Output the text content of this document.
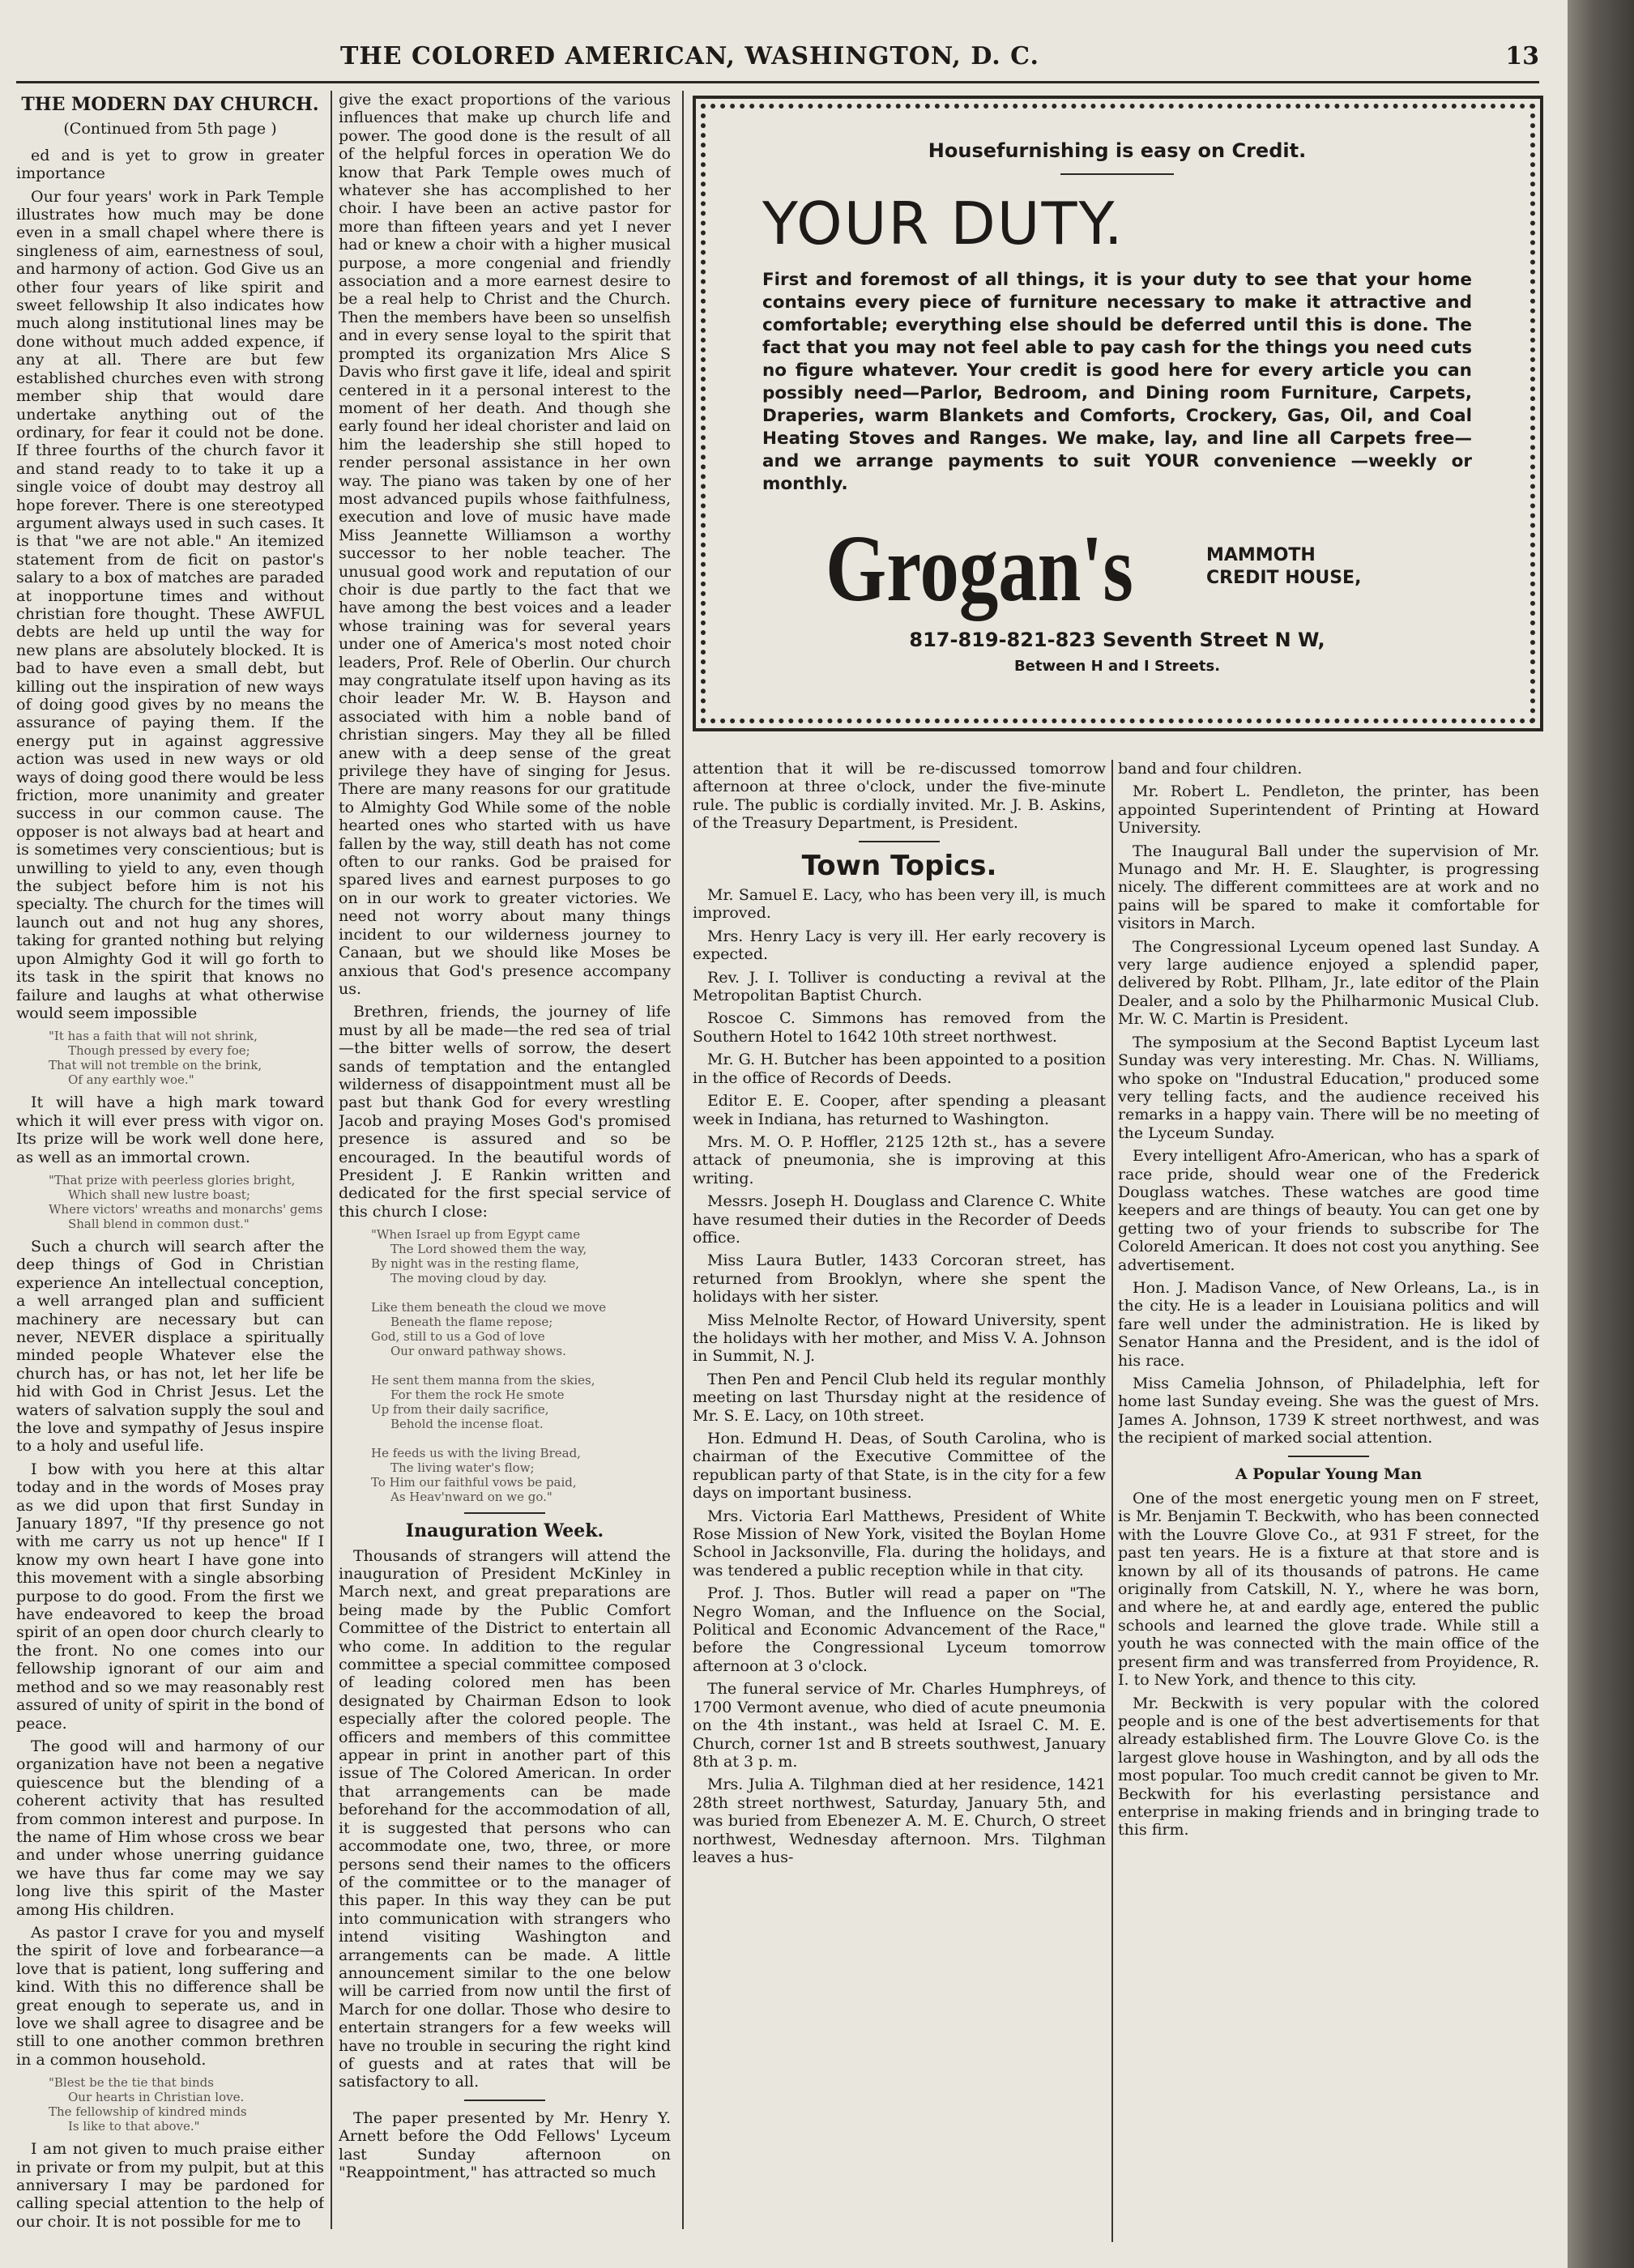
THE COLORED AMERICAN, WASHINGTON, D. C.	13
THE MODERN DAY CHURCH.
(Continued from 5th page )

ed and is yet to grow in greater importance

Our four years' work in Park Temple illustrates how much may be done even in a small chapel where there is singleness of aim, earnestness of soul, and harmony of action. God Give us an other four years of like spirit and sweet fellowship It also indicates how much along institutional lines may be done without much added expence, if any at all. There are but few established churches even with strong member ship that would dare undertake anything out of the ordinary, for fear it could not be done. If three fourths of the church favor it and stand ready to to take it up a single voice of doubt may destroy all hope forever. There is one stereotyped argument always used in such cases. It is that "we are not able." An itemized statement from de ficit on pastor's salary to a box of matches are paraded at inopportune times and without christian fore thought. These AWFUL debts are held up until the way for new plans are absolutely blocked. It is bad to have even a small debt, but killing out the inspiration of new ways of doing good gives by no means the assurance of paying them. If the energy put in against aggressive action was used in new ways or old ways of doing good there would be less friction, more unanimity and greater success in our common cause. The opposer is not always bad at heart and is sometimes very conscientious; but is unwilling to yield to any, even though the subject before him is not his specialty. The church for the times will launch out and not hug any shores, taking for granted nothing but relying upon Almighty God it will go forth to its task in the spirit that knows no failure and laughs at what otherwise would seem impossible

"It has a faith that will not shrink,
Though pressed by every foe;
That will not tremble on the brink,
Of any earthly woe."

It will have a high mark toward which it will ever press with vigor on. Its prize will be work well done here, as well as an immortal crown.

"That prize with peerless glories bright,
Which shall new lustre boast;
Where victors' wreaths and monarchs' gems
Shall blend in common dust."

Such a church will search after the deep things of God in Christian experience An intellectual conception, a well arranged plan and sufficient machinery are necessary but can never, NEVER displace a spiritually minded people Whatever else the church has, or has not, let her life be hid with God in Christ Jesus. Let the waters of salvation supply the soul and the love and sympathy of Jesus inspire to a holy and useful life.

I bow with you here at this altar today and in the words of Moses pray as we did upon that first Sunday in January 1897, "If thy presence go not with me carry us not up hence" If I know my own heart I have gone into this movement with a single absorbing purpose to do good. From the first we have endeavored to keep the broad spirit of an open door church clearly to the front. No one comes into our fellowship ignorant of our aim and method and so we may reasonably rest assured of unity of spirit in the bond of peace.

The good will and harmony of our organization have not been a negative quiescence but the blending of a coherent activity that has resulted from common interest and purpose. In the name of Him whose cross we bear and under whose unerring guidance we have thus far come may we say long live this spirit of the Master among His children.

As pastor I crave for you and myself the spirit of love and forbearance—a love that is patient, long suffering and kind. With this no difference shall be great enough to seperate us, and in love we shall agree to disagree and be still to one another common brethren in a common household.

"Blest be the tie that binds
Our hearts in Christian love.
The fellowship of kindred minds
Is like to that above."

I am not given to much praise either in private or from my pulpit, but at this anniversary I may be pardoned for calling special attention to the help of our choir. It is not possible for me to

give the exact proportions of the various influences that make up church life and power. The good done is the result of all of the helpful forces in operation We do know that Park Temple owes much of whatever she has accomplished to her choir. I have been an active pastor for more than fifteen years and yet I never had or knew a choir with a higher musical purpose, a more congenial and friendly association and a more earnest desire to be a real help to Christ and the Church. Then the members have been so unselfish and in every sense loyal to the spirit that prompted its organization Mrs Alice S Davis who first gave it life, ideal and spirit centered in it a personal interest to the moment of her death. And though she early found her ideal chorister and laid on him the leadership she still hoped to render personal assistance in her own way. The piano was taken by one of her most advanced pupils whose faithfulness, execution and love of music have made Miss Jeannette Williamson a worthy successor to her noble teacher. The unusual good work and reputation of our choir is due partly to the fact that we have among the best voices and a leader whose training was for several years under one of America's most noted choir leaders, Prof. Rele of Oberlin. Our church may congratulate itself upon having as its choir leader Mr. W. B. Hayson and associated with him a noble band of christian singers. May they all be filled anew with a deep sense of the great privilege they have of singing for Jesus. There are many reasons for our gratitude to Almighty God While some of the noble hearted ones who started with us have fallen by the way, still death has not come often to our ranks. God be praised for spared lives and earnest purposes to go on in our work to greater victories. We need not worry about many things incident to our wilderness journey to Canaan, but we should like Moses be anxious that God's presence accompany us.

Brethren, friends, the journey of life must by all be made—the red sea of trial—the bitter wells of sorrow, the desert sands of temptation and the entangled wilderness of disappointment must all be past but thank God for every wrestling Jacob and praying Moses God's promised presence is assured and so be encouraged. In the beautiful words of President J. E Rankin written and dedicated for the first special service of this church I close:

"When Israel up from Egypt came
The Lord showed them the way,
By night was in the resting flame,
The moving cloud by day.

Like them beneath the cloud we move
Beneath the flame repose;
God, still to us a God of love
Our onward pathway shows.

He sent them manna from the skies,
For them the rock He smote
Up from their daily sacrifice,
Behold the incense float.

He feeds us with the living Bread,
The living water's flow;
To Him our faithful vows be paid,
As Heav'nward on we go."
Inauguration Week.

Thousands of strangers will attend the inauguration of President McKinley in March next, and great preparations are being made by the Public Comfort Committee of the District to entertain all who come. In addition to the regular committee a special committee composed of leading colored men has been designated by Chairman Edson to look especially after the colored people. The officers and members of this committee appear in print in another part of this issue of The Colored American. In order that arrangements can be made beforehand for the accommodation of all, it is suggested that persons who can accommodate one, two, three, or more persons send their names to the officers of the committee or to the manager of this paper. In this way they can be put into communication with strangers who intend visiting Washington and arrangements can be made. A little announcement similar to the one below will be carried from now until the first of March for one dollar. Those who desire to entertain strangers for a few weeks will have no trouble in securing the right kind of guests and at rates that will be satisfactory to all.

The paper presented by Mr. Henry Y. Arnett before the Odd Fellows' Lyceum last Sunday afternoon on "Reappointment," has attracted so much

Housefurnishing is easy on Credit.
YOUR DUTY.
First and foremost of all things, it is your duty to see that your home contains every piece of furniture necessary to make it attractive and comfortable; everything else should be deferred until this is done. The fact that you may not feel able to pay cash for the things you need cuts no figure whatever. Your credit is good here for every article you can possibly need—Parlor, Bedroom, and Dining room Furniture, Carpets, Draperies, warm Blankets and Comforts, Crockery, Gas, Oil, and Coal Heating Stoves and Ranges. We make, lay, and line all Carpets free—and we arrange payments to suit YOUR convenience —weekly or monthly.
Grogan's	MAMMOTH
CREDIT HOUSE,
817-819-821-823 Seventh Street N W,
Between H and I Streets.

attention that it will be re-discussed tomorrow afternoon at three o'clock, under the five-minute rule. The public is cordially invited. Mr. J. B. Askins, of the Treasury Department, is President.

Town Topics.

Mr. Samuel E. Lacy, who has been very ill, is much improved.

Mrs. Henry Lacy is very ill. Her early recovery is expected.

Rev. J. I. Tolliver is conducting a revival at the Metropolitan Baptist Church.

Roscoe C. Simmons has removed from the Southern Hotel to 1642 10th street northwest.

Mr. G. H. Butcher has been appointed to a position in the office of Records of Deeds.

Editor E. E. Cooper, after spending a pleasant week in Indiana, has returned to Washington.

Mrs. M. O. P. Hoffler, 2125 12th st., has a severe attack of pneumonia, she is improving at this writing.

Messrs. Joseph H. Douglass and Clarence C. White have resumed their duties in the Recorder of Deeds office.

Miss Laura Butler, 1433 Corcoran street, has returned from Brooklyn, where she spent the holidays with her sister.

Miss Melnolte Rector, of Howard University, spent the holidays with her mother, and Miss V. A. Johnson in Summit, N. J.

Then Pen and Pencil Club held its regular monthly meeting on last Thursday night at the residence of Mr. S. E. Lacy, on 10th street.

Hon. Edmund H. Deas, of South Carolina, who is chairman of the Executive Committee of the republican party of that State, is in the city for a few days on important business.

Mrs. Victoria Earl Matthews, President of White Rose Mission of New York, visited the Boylan Home School in Jacksonville, Fla. during the holidays, and was tendered a public reception while in that city.

Prof. J. Thos. Butler will read a paper on "The Negro Woman, and the Influence on the Social, Political and Economic Advancement of the Race," before the Congressional Lyceum tomorrow afternoon at 3 o'clock.

The funeral service of Mr. Charles Humphreys, of 1700 Vermont avenue, who died of acute pneumonia on the 4th instant., was held at Israel C. M. E. Church, corner 1st and B streets southwest, January 8th at 3 p. m.

Mrs. Julia A. Tilghman died at her residence, 1421 28th street northwest, Saturday, January 5th, and was buried from Ebenezer A. M. E. Church, O street northwest, Wednesday afternoon. Mrs. Tilghman leaves a hus-

band and four children.

Mr. Robert L. Pendleton, the printer, has been appointed Superintendent of Printing at Howard University.

The Inaugural Ball under the supervision of Mr. Munago and Mr. H. E. Slaughter, is progressing nicely. The different committees are at work and no pains will be spared to make it comfortable for visitors in March.

The Congressional Lyceum opened last Sunday. A very large audience enjoyed a splendid paper, delivered by Robt. Pllham, Jr., late editor of the Plain Dealer, and a solo by the Philharmonic Musical Club. Mr. W. C. Martin is President.

The symposium at the Second Baptist Lyceum last Sunday was very interesting. Mr. Chas. N. Williams, who spoke on "Industral Education," produced some very telling facts, and the audience received his remarks in a happy vain. There will be no meeting of the Lyceum Sunday.

Every intelligent Afro-American, who has a spark of race pride, should wear one of the Frederick Douglass watches. These watches are good time keepers and are things of beauty. You can get one by getting two of your friends to subscribe for The Coloreld American. It does not cost you anything. See advertisement.

Hon. J. Madison Vance, of New Orleans, La., is in the city. He is a leader in Louisiana politics and will fare well under the administration. He is liked by Senator Hanna and the President, and is the idol of his race.

Miss Camelia Johnson, of Philadelphia, left for home last Sunday eveing. She was the guest of Mrs. James A. Johnson, 1739 K street northwest, and was the recipient of marked social attention.

A Popular Young Man

One of the most energetic young men on F street, is Mr. Benjamin T. Beckwith, who has been connected with the Louvre Glove Co., at 931 F street, for the past ten years. He is a fixture at that store and is known by all of its thousands of patrons. He came originally from Catskill, N. Y., where he was born, and where he, at and eardly age, entered the public schools and learned the glove trade. While still a youth he was connected with the main office of the present firm and was transferred from Proyidence, R. I. to New York, and thence to this city.

Mr. Beckwith is very popular with the colored people and is one of the best advertisements for that already established firm. The Louvre Glove Co. is the largest glove house in Washington, and by all ods the most popular. Too much credit cannot be given to Mr. Beckwith for his everlasting persistance and enterprise in making friends and in bringing trade to this firm.
